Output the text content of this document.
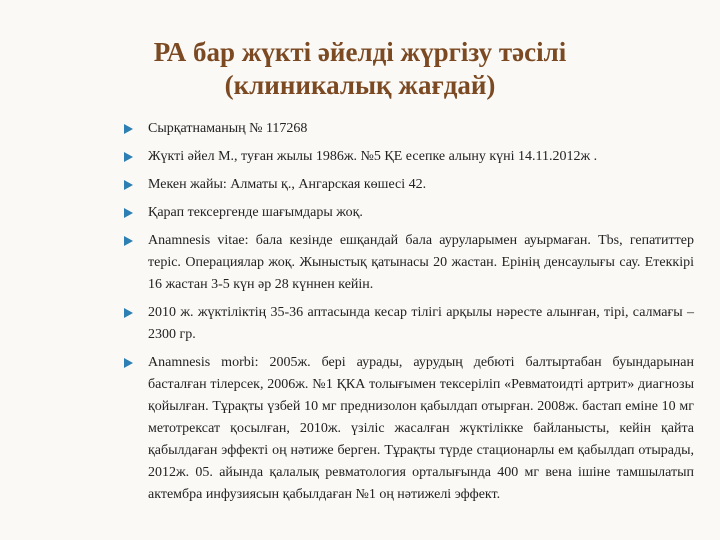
РА бар жүкті әйелді жүргізу тәсілі
(клиникалық жағдай)
Сырқатнаманың № 117268
Жүкті әйел М., туған жылы 1986ж. №5 ҚЕ есепке алыну күні 14.11.2012ж .
Мекен жайы: Алматы қ., Ангарская көшесі 42.
Қарап тексергенде шағымдары жоқ.
Anamnesis vitae: бала кезінде ешқандай бала ауруларымен ауырмаған. Tbs, гепатиттер теріс. Операциялар жоқ. Жыныстық қатынасы 20 жастан. Ерінің денсаулығы сау. Етеккірі 16 жастан 3-5 күн әр 28 күннен кейін.
2010 ж. жүктіліктің 35-36 аптасында кесар тілігі арқылы нәресте алынған, тірі, салмағы – 2300 гр.
Anamnesis morbi: 2005ж. бері аурады, аурудың дебюті балтыртабан буындарынан басталған тілерсек, 2006ж. №1 ҚКА толығымен тексеріліп «Ревматоидті артрит» диагнозы қойылған. Тұрақты үзбей 10 мг преднизолон қабылдап отырған. 2008ж. бастап еміне 10 мг метотрексат қосылған, 2010ж. үзіліс жасалған жүктілікке байланысты, кейін қайта қабылдаған эффекті оң нәтиже берген. Тұрақты түрде стационарлы ем қабылдап отырады, 2012ж. 05. айында қалалық ревматология орталығында 400 мг вена ішіне тамшылатып актембра инфузиясын қабылдаған №1 оң нәтижелі эффект.
